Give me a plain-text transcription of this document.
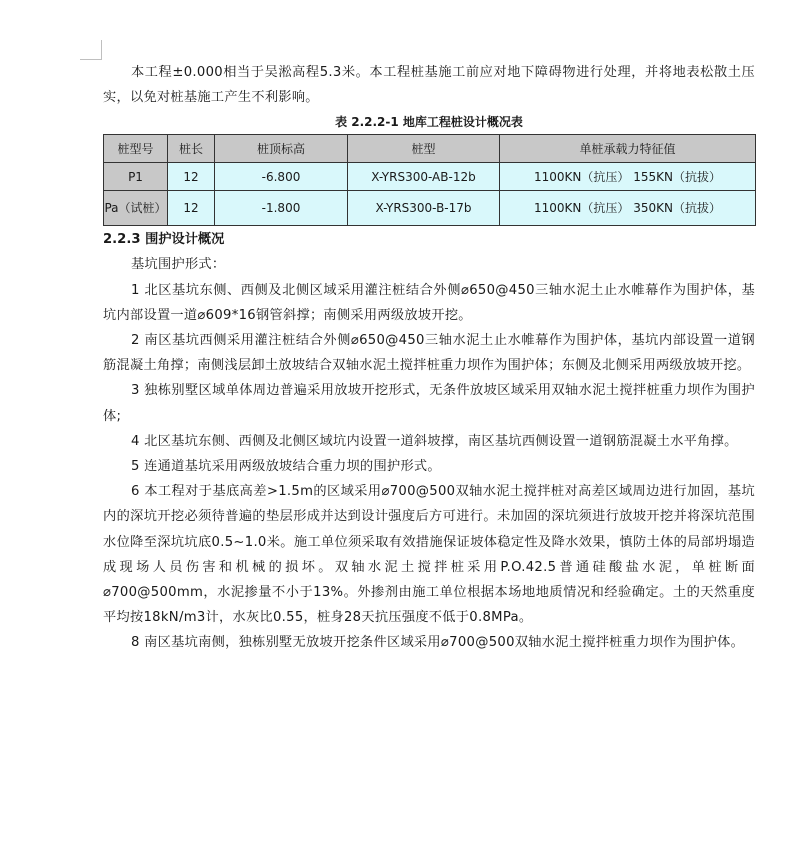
本工程±0.000相当于吴淞高程5.3米。本工程桩基施工前应对地下障碍物进行处理，并将地表松散土压实，以免对桩基施工产生不利影响。

表 2.2.2-1 地库工程桩设计概况表
桩型号	桩长	桩顶标高	桩型	单桩承载力特征值
P1	12	-6.800	X-YRS300-AB-12b	1100KN（抗压） 155KN（抗拔）
Pa（试桩）	12	-1.800	X-YRS300-B-17b	1100KN（抗压） 350KN（抗拔）
2.2.3 围护设计概况

基坑围护形式：

1 北区基坑东侧、西侧及北侧区域采用灌注桩结合外侧⌀650@450三轴水泥土止水帷幕作为围护体，基坑内部设置一道⌀609*16钢管斜撑；南侧采用两级放坡开挖。

2 南区基坑西侧采用灌注桩结合外侧⌀650@450三轴水泥土止水帷幕作为围护体，基坑内部设置一道钢筋混凝土角撑；南侧浅层卸土放坡结合双轴水泥土搅拌桩重力坝作为围护体；东侧及北侧采用两级放坡开挖。

3 独栋别墅区域单体周边普遍采用放坡开挖形式，无条件放坡区域采用双轴水泥土搅拌桩重力坝作为围护体;

4 北区基坑东侧、西侧及北侧区域坑内设置一道斜坡撑，南区基坑西侧设置一道钢筋混凝土水平角撑。

5 连通道基坑采用两级放坡结合重力坝的围护形式。

6 本工程对于基底高差>1.5m的区域采用⌀700@500双轴水泥土搅拌桩对高差区域周边进行加固，基坑内的深坑开挖必须待普遍的垫层形成并达到设计强度后方可进行。未加固的深坑须进行放坡开挖并将深坑范围水位降至深坑坑底0.5~1.0米。施工单位须采取有效措施保证坡体稳定性及降水效果，慎防土体的局部坍塌造成现场人员伤害和机械的损坏。双轴水泥土搅拌桩采用P.O.42.5普通硅酸盐水泥，单桩断面⌀700@500mm，水泥掺量不小于13%。外掺剂由施工单位根据本场地地质情况和经验确定。土的天然重度平均按18kN/m3计，水灰比0.55，桩身28天抗压强度不低于0.8MPa。

8 南区基坑南侧，独栋别墅无放坡开挖条件区域采用⌀700@500双轴水泥土搅拌桩重力坝作为围护体。
